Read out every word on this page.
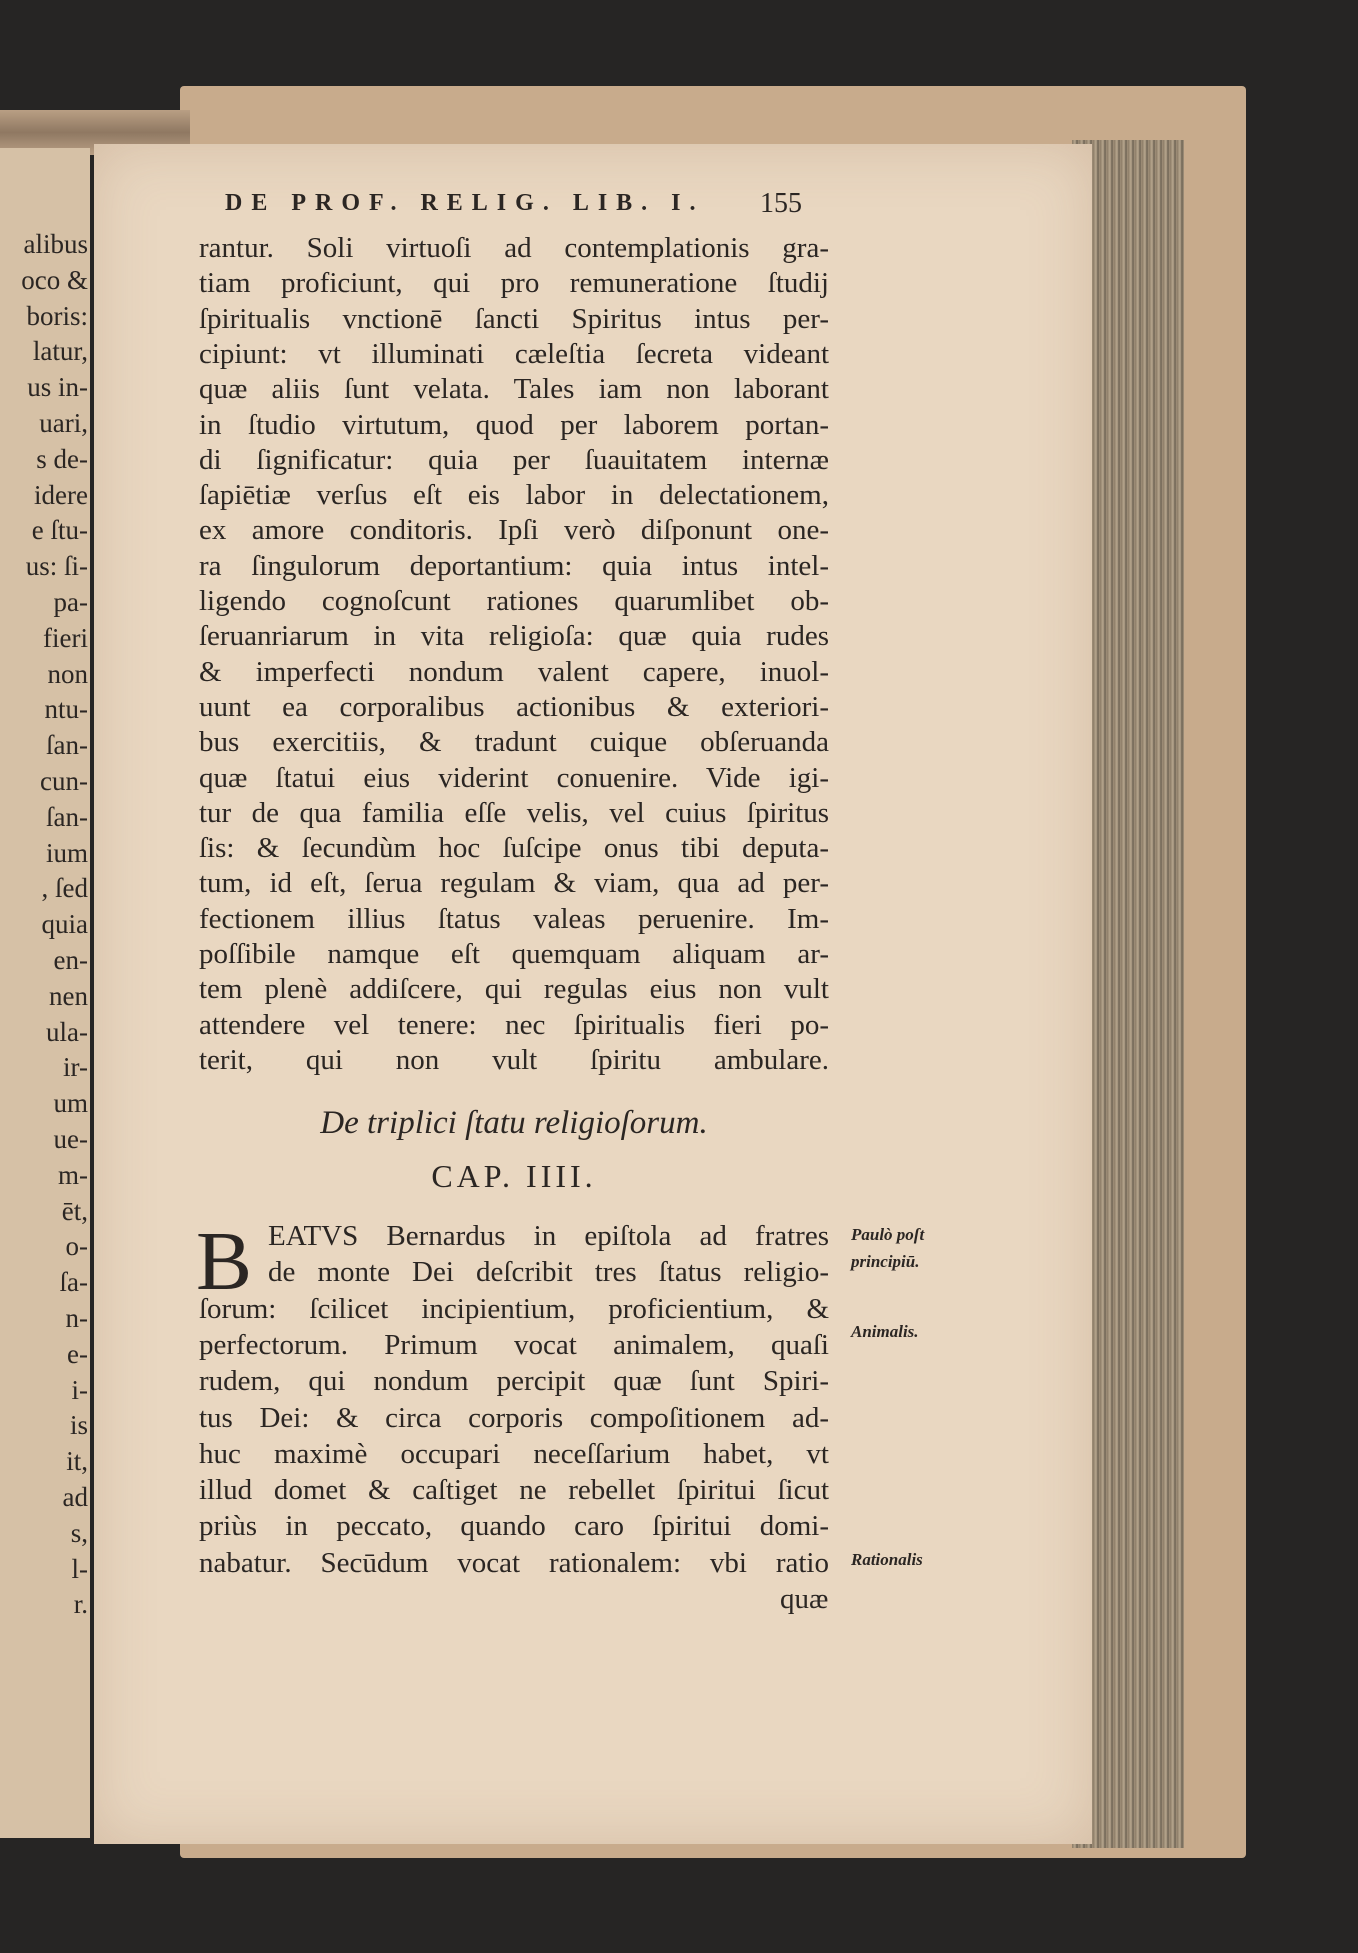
alibus
oco &
boris:
latur,
us in-
uari,
s de-
idere
e ſtu-
us: ſi-
pa-
fieri
non
ntu-
ſan-
cun-
ſan-
ium
, ſed
quia
en-
nen
ula-
ir-
um
ue-
m-
ēt,
o-
ſa-
n-
e-
i-
is
it,
ad
s,
l-
r.
DE PROF. RELIG. LIB. I.	155
rantur. Soli virtuoſi ad contemplationis gra-
tiam proficiunt, qui pro remuneratione ſtudij
ſpiritualis vnctionē ſancti Spiritus intus per-
cipiunt: vt illuminati cæleſtia ſecreta videant
quæ aliis ſunt velata. Tales iam non laborant
in ſtudio virtutum, quod per laborem portan-
di ſignificatur: quia per ſuauitatem internæ
ſapiētiæ verſus eſt eis labor in delectationem,
ex amore conditoris. Ipſi verò diſponunt one-
ra ſingulorum deportantium: quia intus intel-
ligendo cognoſcunt rationes quarumlibet ob-
ſeruanriarum in vita religioſa: quæ quia rudes
& imperfecti nondum valent capere, inuol-
uunt ea corporalibus actionibus & exteriori-
bus exercitiis, & tradunt cuique obſeruanda
quæ ſtatui eius viderint conuenire. Vide igi-
tur de qua familia eſſe velis, vel cuius ſpiritus
ſis: & ſecundùm hoc ſuſcipe onus tibi deputa-
tum, id eſt, ſerua regulam & viam, qua ad per-
fectionem illius ſtatus valeas peruenire. Im-
poſſibile namque eſt quemquam aliquam ar-
tem plenè addiſcere, qui regulas eius non vult
attendere vel tenere: nec ſpiritualis fieri po-
terit, qui non vult ſpiritu ambulare.
De triplici ſtatu religioſorum.
CAP. IIII.
B EATVS Bernardus in epiſtola ad fratres
de monte Dei deſcribit tres ſtatus religio-
ſorum: ſcilicet incipientium, proficientium, &
perfectorum. Primum vocat animalem, quaſi
rudem, qui nondum percipit quæ ſunt Spiri-
tus Dei: & circa corporis compoſitionem ad-
huc maximè occupari neceſſarium habet, vt
illud domet & caſtiget ne rebellet ſpiritui ſicut
priùs in peccato, quando caro ſpiritui domi-
nabatur. Secūdum vocat rationalem: vbi ratio
quæ
Paulò poſt
principiū.
Animalis.
Rationalis
